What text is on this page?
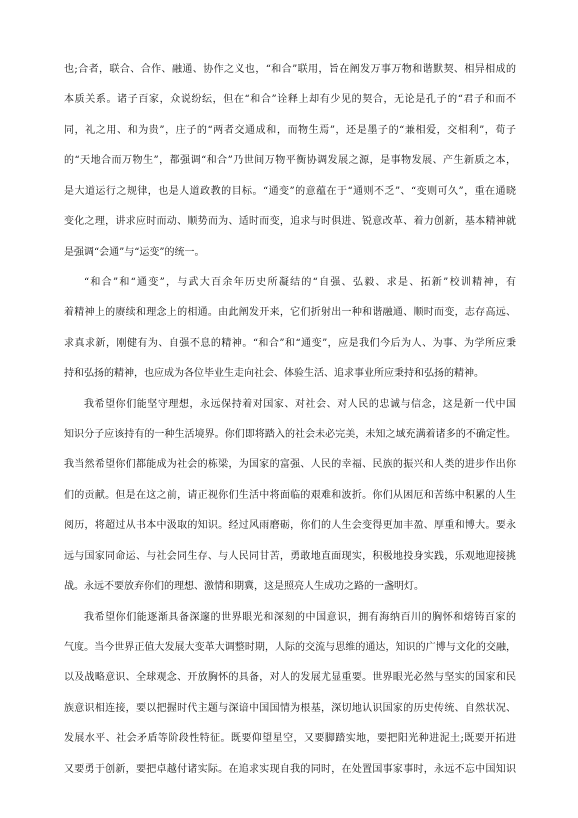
也;合者，联合、合作、融通、协作之义也，“和合”联用，旨在阐发万事万物和谐默契、相异相成的
本质关系。诸子百家，众说纷纭，但在“和合”诠释上却有少见的契合，无论是孔子的“君子和而不
同，礼之用、和为贵”，庄子的“两者交通成和，而物生焉”，还是墨子的“兼相爱，交相利”，荀子
的“天地合而万物生”，都强调“和合”乃世间万物平衡协调发展之源，是事物发展、产生新质之本，
是大道运行之规律，也是人道政教的目标。“通变”的意蕴在于“通则不乏”、“变则可久”，重在通晓
变化之理，讲求应时而动、顺势而为、适时而变，追求与时俱进、锐意改革、着力创新，基本精神就
是强调“会通”与“运变”的统一。
“和合”和“通变”，与武大百余年历史所凝结的“自强、弘毅、求是、拓新”校训精神，有
着精神上的赓续和理念上的相通。由此阐发开来，它们折射出一种和谐融通、顺时而变，志存高远、
求真求新，刚健有为、自强不息的精神。“和合”和“通变”，应是我们今后为人、为事、为学所应秉
持和弘扬的精神，也应成为各位毕业生走向社会、体验生活、追求事业所应秉持和弘扬的精神。
我希望你们能坚守理想，永远保持着对国家、对社会、对人民的忠诚与信念，这是新一代中国
知识分子应该持有的一种生活境界。你们即将踏入的社会未必完美，未知之域充满着诸多的不确定性。
我当然希望你们都能成为社会的栋梁，为国家的富强、人民的幸福、民族的振兴和人类的进步作出你
们的贡献。但是在这之前，请正视你们生活中将面临的艰难和波折。你们从困厄和苦练中积累的人生
阅历，将超过从书本中汲取的知识。经过风雨磨砺，你们的人生会变得更加丰盈、厚重和博大。要永
远与国家同命运、与社会同生存、与人民同甘苦，勇敢地直面现实，积极地投身实践，乐观地迎接挑
战。永远不要放弃你们的理想、激情和期冀，这是照亮人生成功之路的一盏明灯。
我希望你们能逐渐具备深邃的世界眼光和深刻的中国意识，拥有海纳百川的胸怀和熔铸百家的
气度。当今世界正值大发展大变革大调整时期，人际的交流与思维的通达，知识的广博与文化的交融，
以及战略意识、全球观念、开放胸怀的具备，对人的发展尤显重要。世界眼光必然与坚实的国家和民
族意识相连接，要以把握时代主题与深谙中国国情为根基，深切地认识国家的历史传统、自然状况、
发展水平、社会矛盾等阶段性特征。既要仰望星空，又要脚踏实地，要把阳光种进泥土;既要开拓进
又要勇于创新，要把卓越付诸实际。在追求实现自我的同时，在处置国事家事时，永远不忘中国知识
